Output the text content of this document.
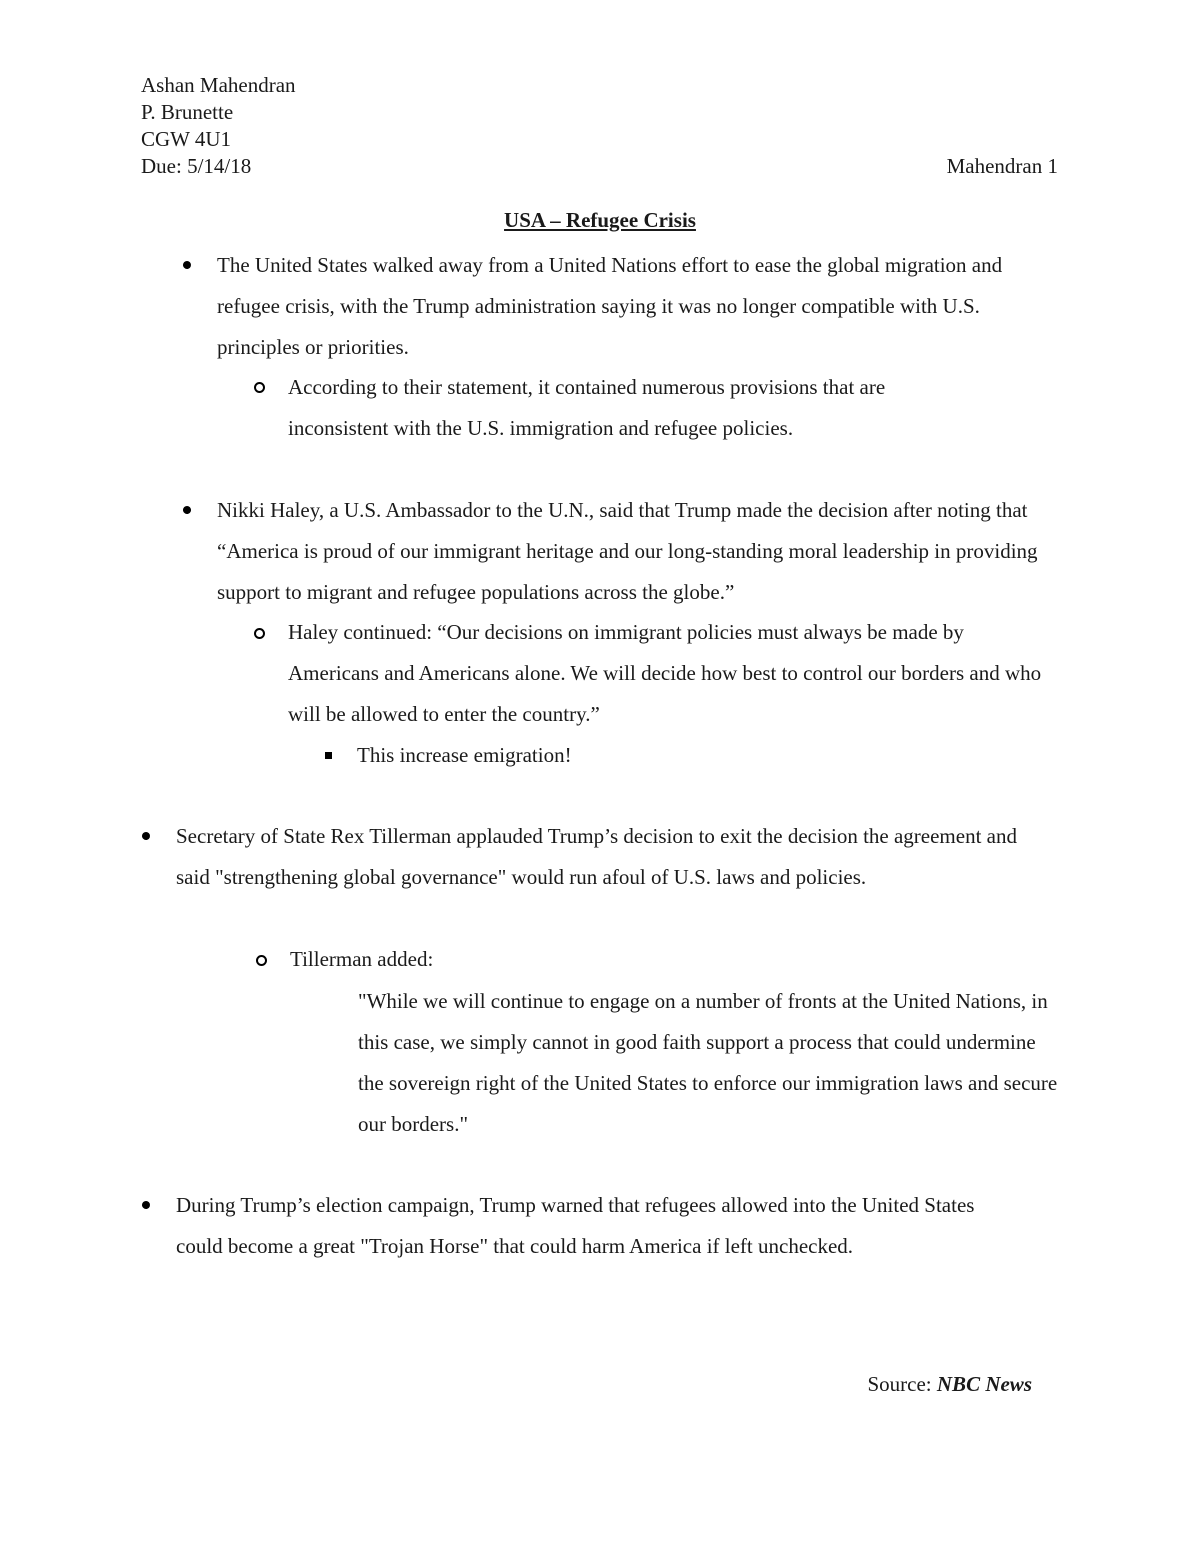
Ashan Mahendran
P. Brunette
CGW 4U1
Due: 5/14/18	Mahendran 1
USA – Refugee Crisis

The United States walked away from a United Nations effort to ease the global migration and refugee crisis, with the Trump administration saying it was no longer compatible with U.S. principles or priorities.

According to their statement, it contained numerous provisions that are inconsistent with the U.S. immigration and refugee policies.

Nikki Haley, a U.S. Ambassador to the U.N., said that Trump made the decision after noting that “America is proud of our immigrant heritage and our long-standing moral leadership in providing support to migrant and refugee populations across the globe.”

Haley continued: “Our decisions on immigrant policies must always be made by Americans and Americans alone. We will decide how best to control our borders and who will be allowed to enter the country.”

This increase emigration!

Secretary of State Rex Tillerman applauded Trump’s decision to exit the decision the agreement and said "strengthening global governance" would run afoul of U.S. laws and policies.

Tillerman added:

"While we will continue to engage on a number of fronts at the United Nations, in this case, we simply cannot in good faith support a process that could undermine the sovereign right of the United States to enforce our immigration laws and secure our borders."

During Trump’s election campaign, Trump warned that refugees allowed into the United States could become a great "Trojan Horse" that could harm America if left unchecked.

Source: NBC News
